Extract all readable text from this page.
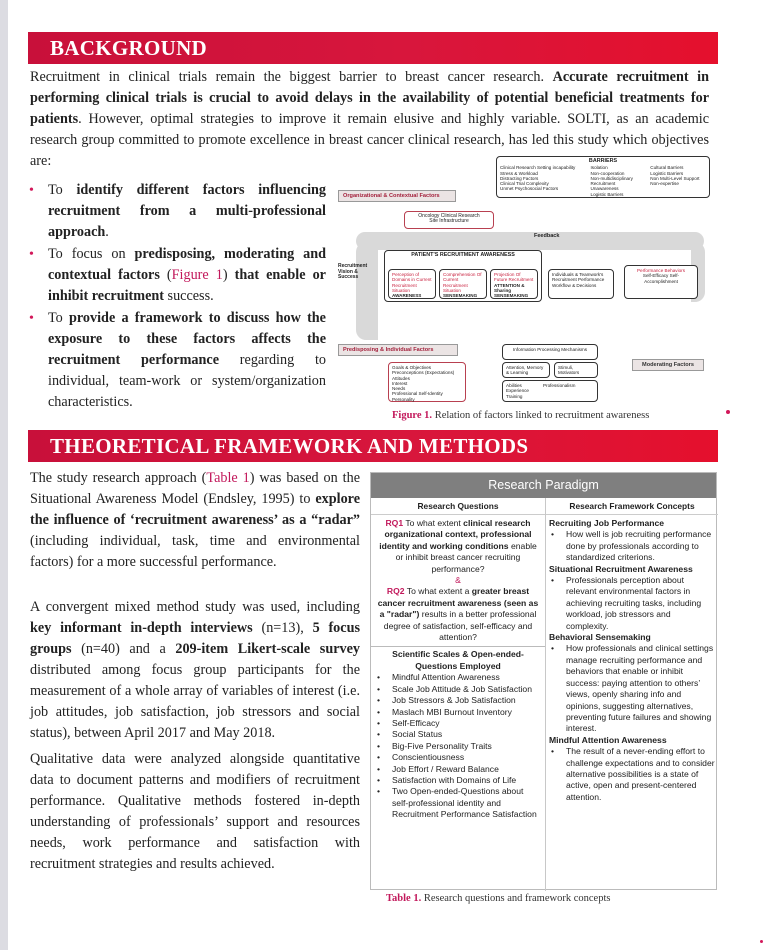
BACKGROUND
Recruitment in clinical trials remain the biggest barrier to breast cancer research. Accurate recruitment in performing clinical trials is crucial to avoid delays in the availability of potential beneficial treatments for patients. However, optimal strategies to improve it remain elusive and highly variable. SOLTI, as an academic research group committed to promote excellence in breast cancer clinical research, has led this study which objectives are:
• To identify different factors influencing recruitment from a multi-professional approach.
• To focus on predisposing, moderating and contextual factors (Figure 1) that enable or inhibit recruitment success.
• To provide a framework to discuss how the exposure to these factors affects the recruitment performance regarding to individual, team-work or system/organization characteristics.
BARRIERS
Clinical Research Setting incapability
Stress & Workload
Distracting Factors
Clinical Trial Complexity
Unmet Psychosocial Factors
Isolation
Non-cooperation
Non-multidisciplinary
Recruitment Unawareness
Logistic Barriers
Cultural Barriers
Logistic Barriers
Non Multi-Level Support
Non-expertise
Organizational & Contextual Factors
Oncology Clinical Research
Site Infrastructure
Feedback
Recruitment Vision & Success
PATIENT'S RECRUITMENT AWARENESS
Perception of Domains in Current Recruitment Situation
AWARENESS
Comprehension Of Current Recruitment Situation
SENSEMAKING
Projection Of Future Recruitment
ATTENTION & Sharing SENSEMAKING
Individuals & Teamwork's Recruitment Performance Workflow & Decisions
Performance Behaviors
Self-Efficacy Self-Accomplishment
Predisposing & Individual Factors	Information Processing Mechanisms
Attention, Memory & Learning
Stimuli, Motivators
Moderating Factors
Goals & Objectives
Preconceptions (Expectations)
Attitudes
Interest
Needs
Professional Self-Identity
Personality
Abilities
Experience
Training
Professionalism
Figure 1. Relation of factors linked to recruitment awareness
THEORETICAL FRAMEWORK AND METHODS
The study research approach (Table 1) was based on the Situational Awareness Model (Endsley, 1995) to explore the influence of ‘recruitment awareness’ as a “radar” (including individual, task, time and environmental factors) for a more successful performance.
A convergent mixed method study was used, including key informant in-depth interviews (n=13), 5 focus groups (n=40) and a 209-item Likert-scale survey distributed among focus group participants for the measurement of a whole array of variables of interest (i.e. job attitudes, job satisfaction, job stressors and social status), between April 2017 and May 2018.
Qualitative data were analyzed alongside quantitative data to document patterns and modifiers of recruitment performance. Qualitative methods fostered in-depth understanding of professionals’ support and resources needs, work performance and satisfaction with recruitment strategies and results achieved.
Research Paradigm
Research Questions	Research Framework Concepts
RQ1 To what extent clinical research organizational context, professional identity and working conditions enable or inhibit breast cancer recruiting performance?
&
RQ2 To what extent a greater breast cancer recruitment awareness (seen as a "radar") results in a better professional degree of satisfaction, self-efficacy and attention?
Scientific Scales & Open-ended-Questions Employed
• Mindful Attention Awareness
• Scale Job Attitude & Job Satisfaction
• Job Stressors & Job Satisfaction
• Maslach MBI Burnout Inventory
• Self-Efficacy
• Social Status
• Big-Five Personality Traits
• Conscientiousness
• Job Effort / Reward Balance
• Satisfaction with Domains of Life
• Two Open-ended-Questions about self-professional identity and Recruitment Performance Satisfaction
Recruiting Job Performance
• How well is job recruiting performance done by professionals according to standardized criterions.
Situational Recruitment Awareness
• Professionals perception about relevant environmental factors in achieving recruiting tasks, including workload, job stressors and complexity.
Behavioral Sensemaking
• How professionals and clinical settings manage recruiting performance and behaviors that enable or inhibit success: paying attention to others’ views, openly sharing info and opinions, suggesting alternatives, preventing future failures and showing interest.
Mindful Attention Awareness
• The result of a never-ending effort to challenge expectations and to consider alternative possibilities is a state of active, open and present-centered attention.
Table 1. Research questions and framework concepts
